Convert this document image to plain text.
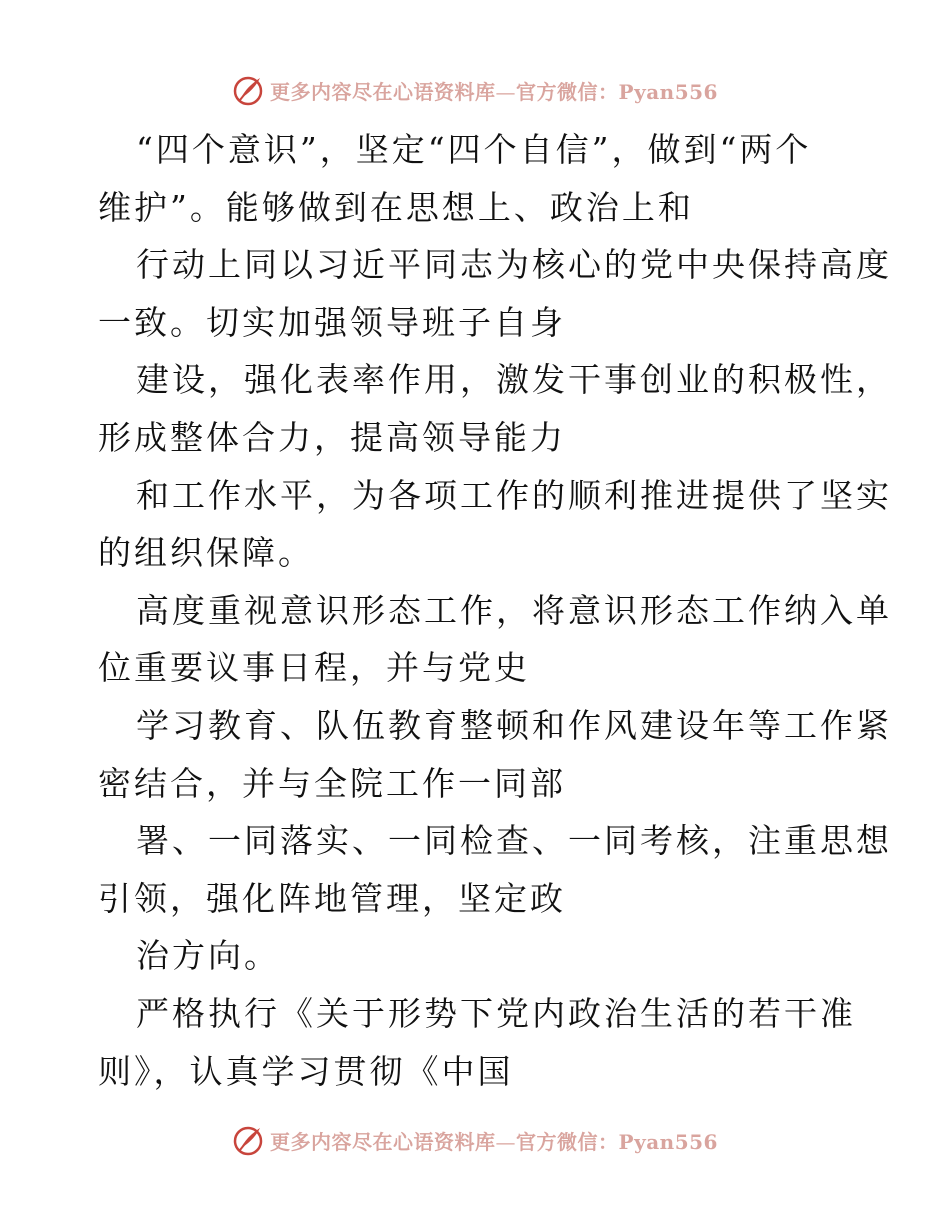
更多内容尽在心语资料库—官方微信：Pyan556
“四个意识”，坚定“四个自信”，做到“两个
维护”。能够做到在思想上、政治上和
行动上同以习近平同志为核心的党中央保持高度
一致。切实加强领导班子自身
建设，强化表率作用，激发干事创业的积极性，
形成整体合力，提高领导能力
和工作水平，为各项工作的顺利推进提供了坚实
的组织保障。
高度重视意识形态工作，将意识形态工作纳入单
位重要议事日程，并与党史
学习教育、队伍教育整顿和作风建设年等工作紧
密结合，并与全院工作一同部
署、一同落实、一同检查、一同考核，注重思想
引领，强化阵地管理，坚定政
治方向。
严格执行《关于形势下党内政治生活的若干准
则》，认真学习贯彻《中国
更多内容尽在心语资料库—官方微信：Pyan556
